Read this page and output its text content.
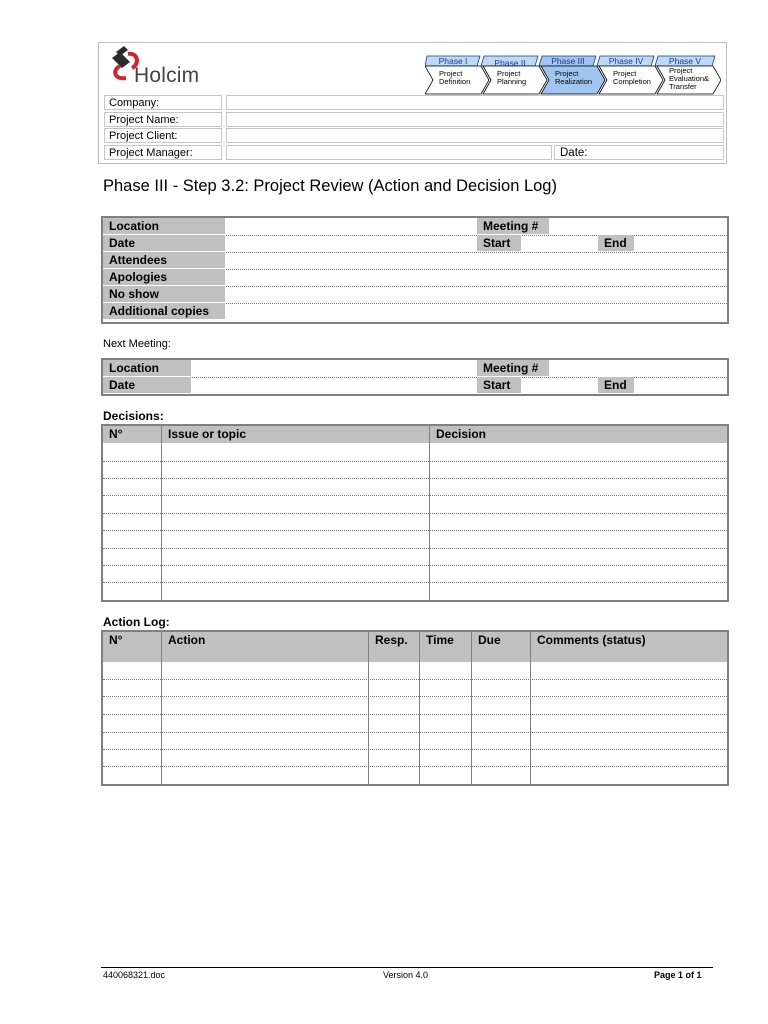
Holcim
Phase I	Phase II	Phase III	Phase IV	Phase V
Project
Definition
Project
Planning
Project
Realization
Project
Completion
Project
Evaluation&
Transfer
Company:
Project Name:
Project Client:
Project Manager:	Date:
Phase III - Step 3.2: Project Review (Action and Decision Log)
Location	Meeting #
Date	Start	End
Attendees
Apologies
No show
Additional copies
Next Meeting:
Location	Meeting #
Date	Start	End
Decisions:
N°	Issue or topic	Decision
Action Log:
N°	Action	Resp.	Time	Due	Comments (status)
440068321.doc	Version 4.0	Page 1 of 1
